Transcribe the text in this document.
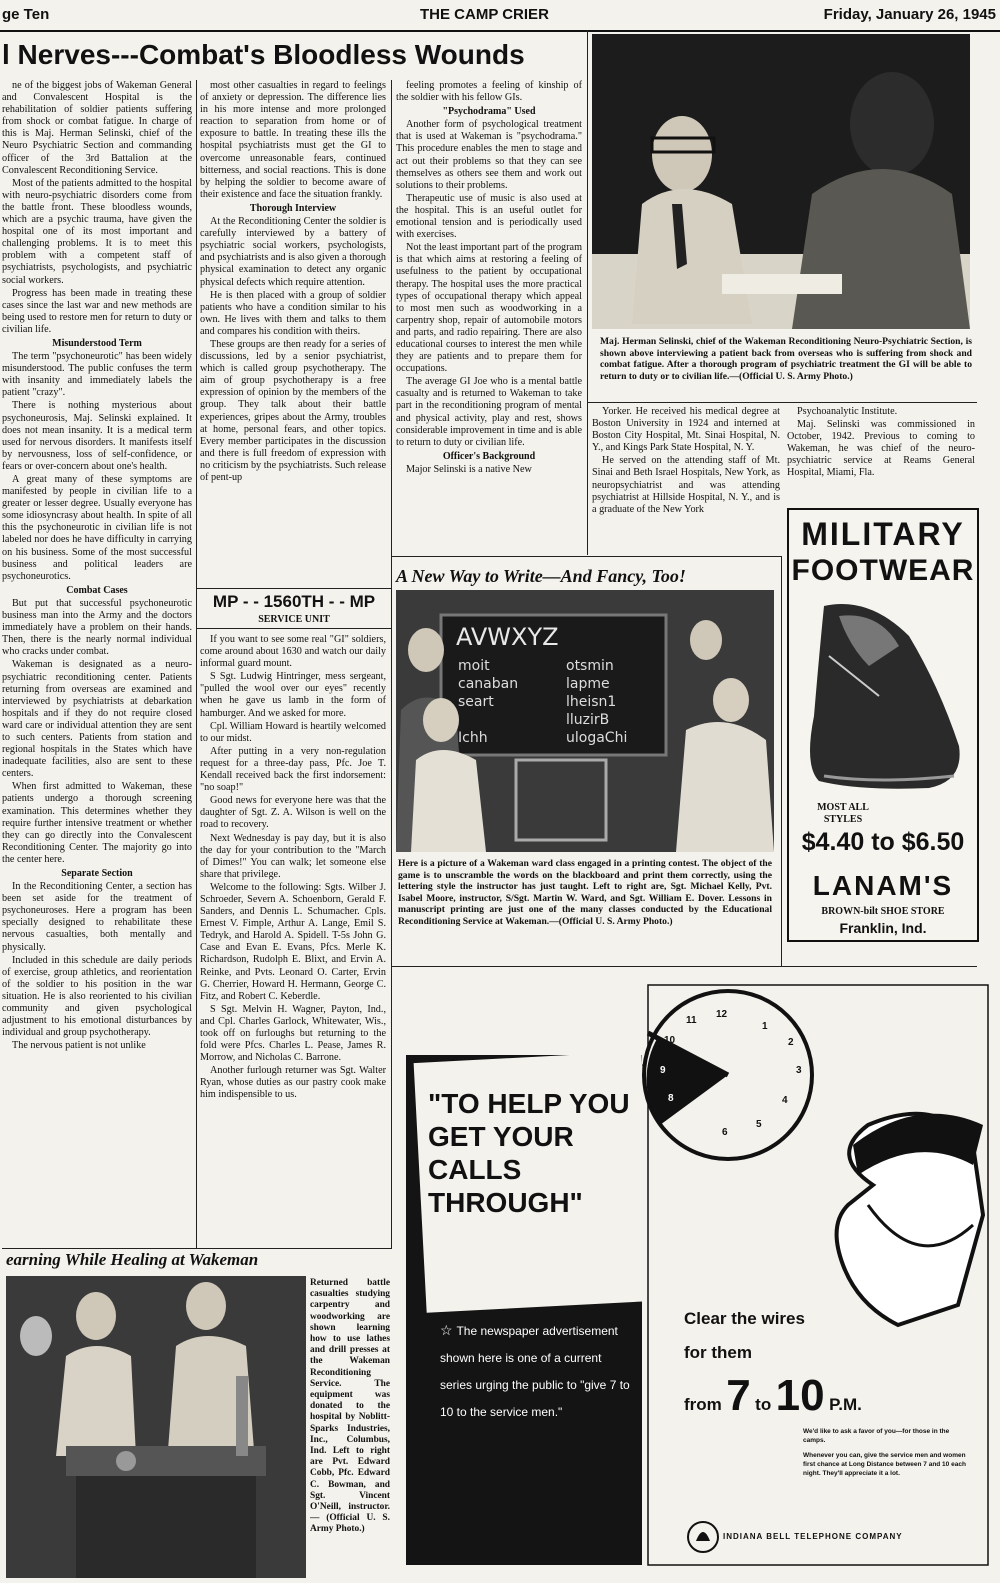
ge Ten	THE CAMP CRIER	Friday, January 26, 1945
l Nerves---Combat's Bloodless Wounds

ne of the biggest jobs of Wakeman General and Convalescent Hospital is the rehabilitation of soldier patients suffering from shock or combat fatigue. In charge of this is Maj. Herman Selinski, chief of the Neuro Psychiatric Section and commanding officer of the 3rd Battalion at the Convalescent Reconditioning Service.

Most of the patients admitted to the hospital with neuro-psychiatric disorders come from the battle front. These bloodless wounds, which are a psychic trauma, have given the hospital one of its most important and challenging problems. It is to meet this problem with a competent staff of psychiatrists, psychologists, and psychiatric social workers.

Progress has been made in treating these cases since the last war and new methods are being used to restore men for return to duty or civilian life.

Misunderstood Term

The term "psychoneurotic" has been widely misunderstood. The public confuses the term with insanity and immediately labels the patient "crazy".

There is nothing mysterious about psychoneurosis, Maj. Selinski explained. It does not mean insanity. It is a medical term used for nervous disorders. It manifests itself by nervousness, loss of self-confidence, or fears or over-concern about one's health.

A great many of these symptoms are manifested by people in civilian life to a greater or lesser degree. Usually everyone has some idiosyncrasy about health. In spite of all this the psychoneurotic in civilian life is not labeled nor does he have difficulty in carrying on his business. Some of the most successful business and political leaders are psychoneurotics.

Combat Cases

But put that successful psychoneurotic business man into the Army and the doctors immediately have a problem on their hands. Then, there is the nearly normal individual who cracks under combat.

Wakeman is designated as a neuro-psychiatric reconditioning center. Patients returning from overseas are examined and interviewed by psychiatrists at debarkation hospitals and if they do not require closed ward care or individual attention they are sent to such centers. Patients from station and regional hospitals in the States which have inadequate facilities, also are sent to these centers.

When first admitted to Wakeman, these patients undergo a thorough screening examination. This determines whether they require further intensive treatment or whether they can go directly into the Convalescent Reconditioning Center. The majority go into the center here.

Separate Section

In the Reconditioning Center, a section has been set aside for the treatment of psychoneuroses. Here a program has been specially designed to rehabilitate these nervous casualties, both mentally and physically.

Included in this schedule are daily periods of exercise, group athletics, and reorientation of the soldier to his position in the war situation. He is also reoriented to his civilian community and given psychological adjustment to his emotional disturbances by individual and group psychotherapy.

The nervous patient is not unlike

most other casualties in regard to feelings of anxiety or depression. The difference lies in his more intense and more prolonged reaction to separation from home or of exposure to battle. In treating these ills the hospital psychiatrists must get the GI to overcome unreasonable fears, continued bitterness, and social reactions. This is done by helping the soldier to become aware of their existence and face the situation frankly.

Thorough Interview

At the Reconditioning Center the soldier is carefully interviewed by a battery of psychiatric social workers, psychologists, and psychiatrists and is also given a thorough physical examination to detect any organic physical defects which require attention.

He is then placed with a group of soldier patients who have a condition similar to his own. He lives with them and talks to them and compares his condition with theirs.

These groups are then ready for a series of discussions, led by a senior psychiatrist, which is called group psychotherapy. The aim of group psychotherapy is a free expression of opinion by the members of the group. They talk about their battle experiences, gripes about the Army, troubles at home, personal fears, and other topics. Every member participates in the discussion and there is full freedom of expression with no criticism by the psychiatrists. Such release of pent-up

feeling promotes a feeling of kinship of the soldier with his fellow GIs.

"Psychodrama" Used

Another form of psychological treatment that is used at Wakeman is "psychodrama." This procedure enables the men to stage and act out their problems so that they can see themselves as others see them and work out solutions to their problems.

Therapeutic use of music is also used at the hospital. This is an useful outlet for emotional tension and is periodically used with exercises.

Not the least important part of the program is that which aims at restoring a feeling of usefulness to the patient by occupational therapy. The hospital uses the more practical types of occupational therapy which appeal to most men such as woodworking in a carpentry shop, repair of automobile motors and parts, and radio repairing. There are also educational courses to interest the men while they are patients and to prepare them for occupations.

The average GI Joe who is a mental battle casualty and is returned to Wakeman to take part in the reconditioning program of mental and physical activity, play and rest, shows considerable improvement in time and is able to return to duty or civilian life.

Officer's Background

Major Selinski is a native New

Maj. Herman Selinski, chief of the Wakeman Reconditioning Neuro-Psychiatric Section, is shown above interviewing a patient back from overseas who is suffering from shock and combat fatigue. After a thorough program of psychiatric treatment the GI will be able to return to duty or to civilian life.—(Official U. S. Army Photo.)

Yorker. He received his medical degree at Boston University in 1924 and interned at Boston City Hospital, Mt. Sinai Hospital, N. Y., and Kings Park State Hospital, N. Y.

He served on the attending staff of Mt. Sinai and Beth Israel Hospitals, New York, as neuropsychiatrist and was attending psychiatrist at Hillside Hospital, N. Y., and is a graduate of the New York

Psychoanalytic Institute.

Maj. Selinski was commissioned in October, 1942. Previous to coming to Wakeman, he was chief of the neuro-psychiatric service at Reams General Hospital, Miami, Fla.

MP - - 1560TH - - MP
SERVICE UNIT

If you want to see some real "GI" soldiers, come around about 1630 and watch our daily informal guard mount.

S Sgt. Ludwig Hintringer, mess sergeant, "pulled the wool over our eyes" recently when he gave us lamb in the form of hamburger. And we asked for more.

Cpl. William Howard is heartily welcomed to our midst.

After putting in a very non-regulation request for a three-day pass, Pfc. Joe T. Kendall received back the first indorsement: "no soap!"

Good news for everyone here was that the daughter of Sgt. Z. A. Wilson is well on the road to recovery.

Next Wednesday is pay day, but it is also the day for your contribution to the "March of Dimes!" You can walk; let someone else share that privilege.

Welcome to the following: Sgts. Wilber J. Schroeder, Severn A. Schoenborn, Gerald F. Sanders, and Dennis L. Schumacher. Cpls. Ernest V. Fimple, Arthur A. Lange, Emil S. Tedryk, and Harold A. Spidell. T-5s John G. Case and Evan E. Evans, Pfcs. Merle K. Richardson, Rudolph E. Blixt, and Ervin A. Reinke, and Pvts. Leonard O. Carter, Ervin G. Cherrier, Howard H. Hermann, George C. Fitz, and Robert C. Keberdle.

S Sgt. Melvin H. Wagner, Payton, Ind., and Cpl. Charles Garlock, Whitewater, Wis., took off on furloughs but returning to the fold were Pfcs. Charles L. Pease, James R. Morrow, and Nicholas C. Barrone.

Another furlough returner was Sgt. Walter Ryan, whose duties as our pastry cook make him indispensible to us.

A New Way to Write—And Fancy, Too!
AVWXYZ
moit	otsmin
canaban	lapme
seart	lheisn1
lluzirB
ulogaChi
Ichh
Here is a picture of a Wakeman ward class engaged in a printing contest. The object of the game is to unscramble the words on the blackboard and print them correctly, using the lettering style the instructor has just taught. Left to right are, Sgt. Michael Kelly, Pvt. Isabel Moore, instructor, S/Sgt. Martin W. Ward, and Sgt. William E. Dover. Lessons in manuscript printing are just one of the many classes conducted by the Educational Reconditioning Service at Wakeman.—(Official U. S. Army Photo.)
MILITARY
FOOTWEAR
MOST ALL
STYLES
$4.40 to $6.50
LANAM'S
BROWN-bilt SHOE STORE
Franklin, Ind.
earning While Healing at Wakeman
Returned battle casualties studying carpentry and woodworking are shown learning how to use lathes and drill presses at the Wakeman Reconditioning Service. The equipment was donated to the hospital by Noblitt-Sparks Industries, Inc., Columbus, Ind. Left to right are Pvt. Edward Cobb, Pfc. Edward C. Bowman, and Sgt. Vincent O'Neill, instructor. — (Official U. S. Army Photo.)
12
1
2
3
4
5
6
8
9
10
11
"TO HELP YOU GET YOUR CALLS THROUGH"
☆ The newspaper advertisement shown here is one of a current series urging the public to "give 7 to 10 to the service men."
Clear the wires
for them
from 7 to 10 P.M.
We'd like to ask a favor of you—for those in the camps.
Whenever you can, give the service men and women first chance at Long Distance between 7 and 10 each night. They'll appreciate it a lot.
INDIANA BELL TELEPHONE COMPANY
